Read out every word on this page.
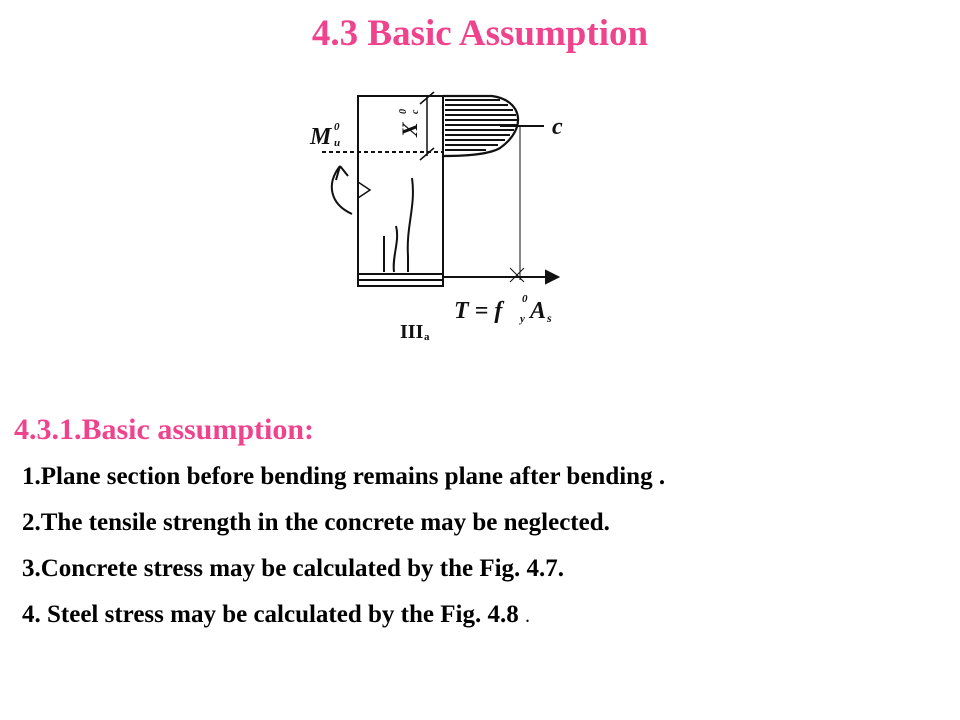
4.3 Basic Assumption
M 0
u
X
0 c
c
T = f 0
y A s
III a
4.3.1.Basic assumption:
1.Plane section before bending remains plane after bending .
2.The tensile strength in the concrete may be neglected.
3.Concrete stress may be calculated by the Fig. 4.7.
4. Steel stress may be calculated by the Fig. 4.8 .
